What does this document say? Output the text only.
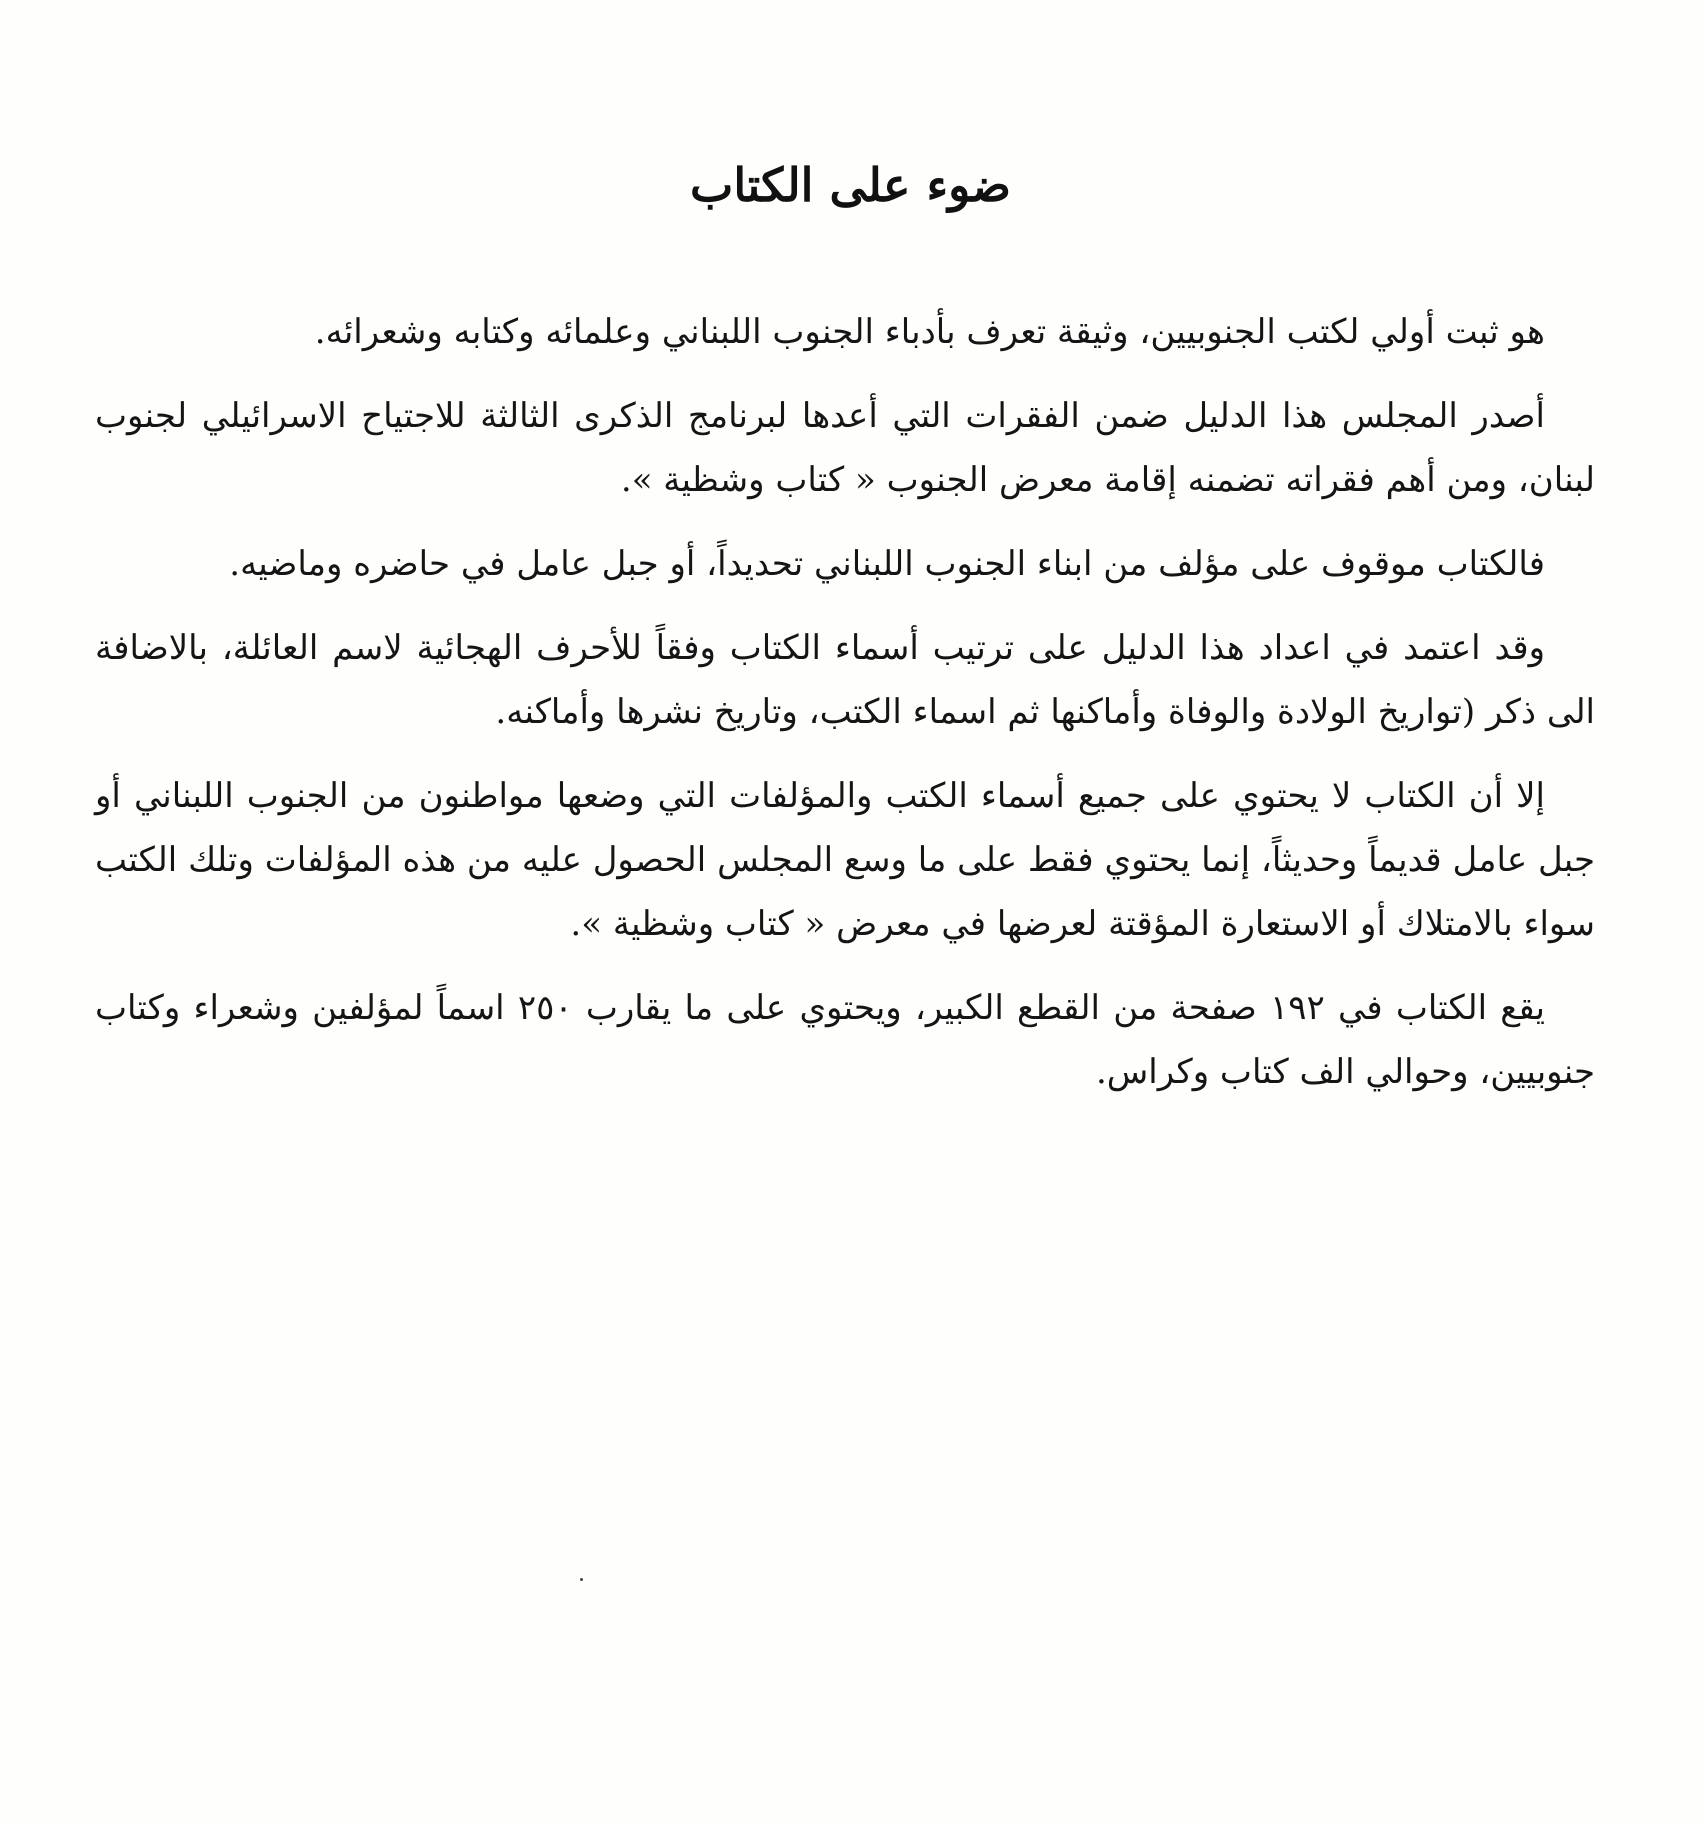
ضوء على الكتاب

هو ثبت أولي لكتب الجنوبيين، وثيقة تعرف بأدباء الجنوب اللبناني وعلمائه وكتابه وشعرائه.

أصدر المجلس هذا الدليل ضمن الفقرات التي أعدها لبرنامج الذكرى الثالثة للاجتياح الاسرائيلي لجنوب لبنان، ومن أهم فقراته تضمنه إقامة معرض الجنوب « كتاب وشظية ».

فالكتاب موقوف على مؤلف من ابناء الجنوب اللبناني تحديداً، أو جبل عامل في حاضره وماضيه.

وقد اعتمد في اعداد هذا الدليل على ترتيب أسماء الكتاب وفقاً للأحرف الهجائية لاسم العائلة، بالاضافة الى ذكر (تواريخ الولادة والوفاة وأماكنها ثم اسماء الكتب، وتاريخ نشرها وأماكنه.

إلا أن الكتاب لا يحتوي على جميع أسماء الكتب والمؤلفات التي وضعها مواطنون من الجنوب اللبناني أو جبل عامل قديماً وحديثاً، إنما يحتوي فقط على ما وسع المجلس الحصول عليه من هذه المؤلفات وتلك الكتب سواء بالامتلاك أو الاستعارة المؤقتة لعرضها في معرض « كتاب وشظية ».

يقع الكتاب في ١٩٢ صفحة من القطع الكبير، ويحتوي على ما يقارب ٢٥٠ اسماً لمؤلفين وشعراء وكتاب جنوبيين، وحوالي الف كتاب وكراس.
